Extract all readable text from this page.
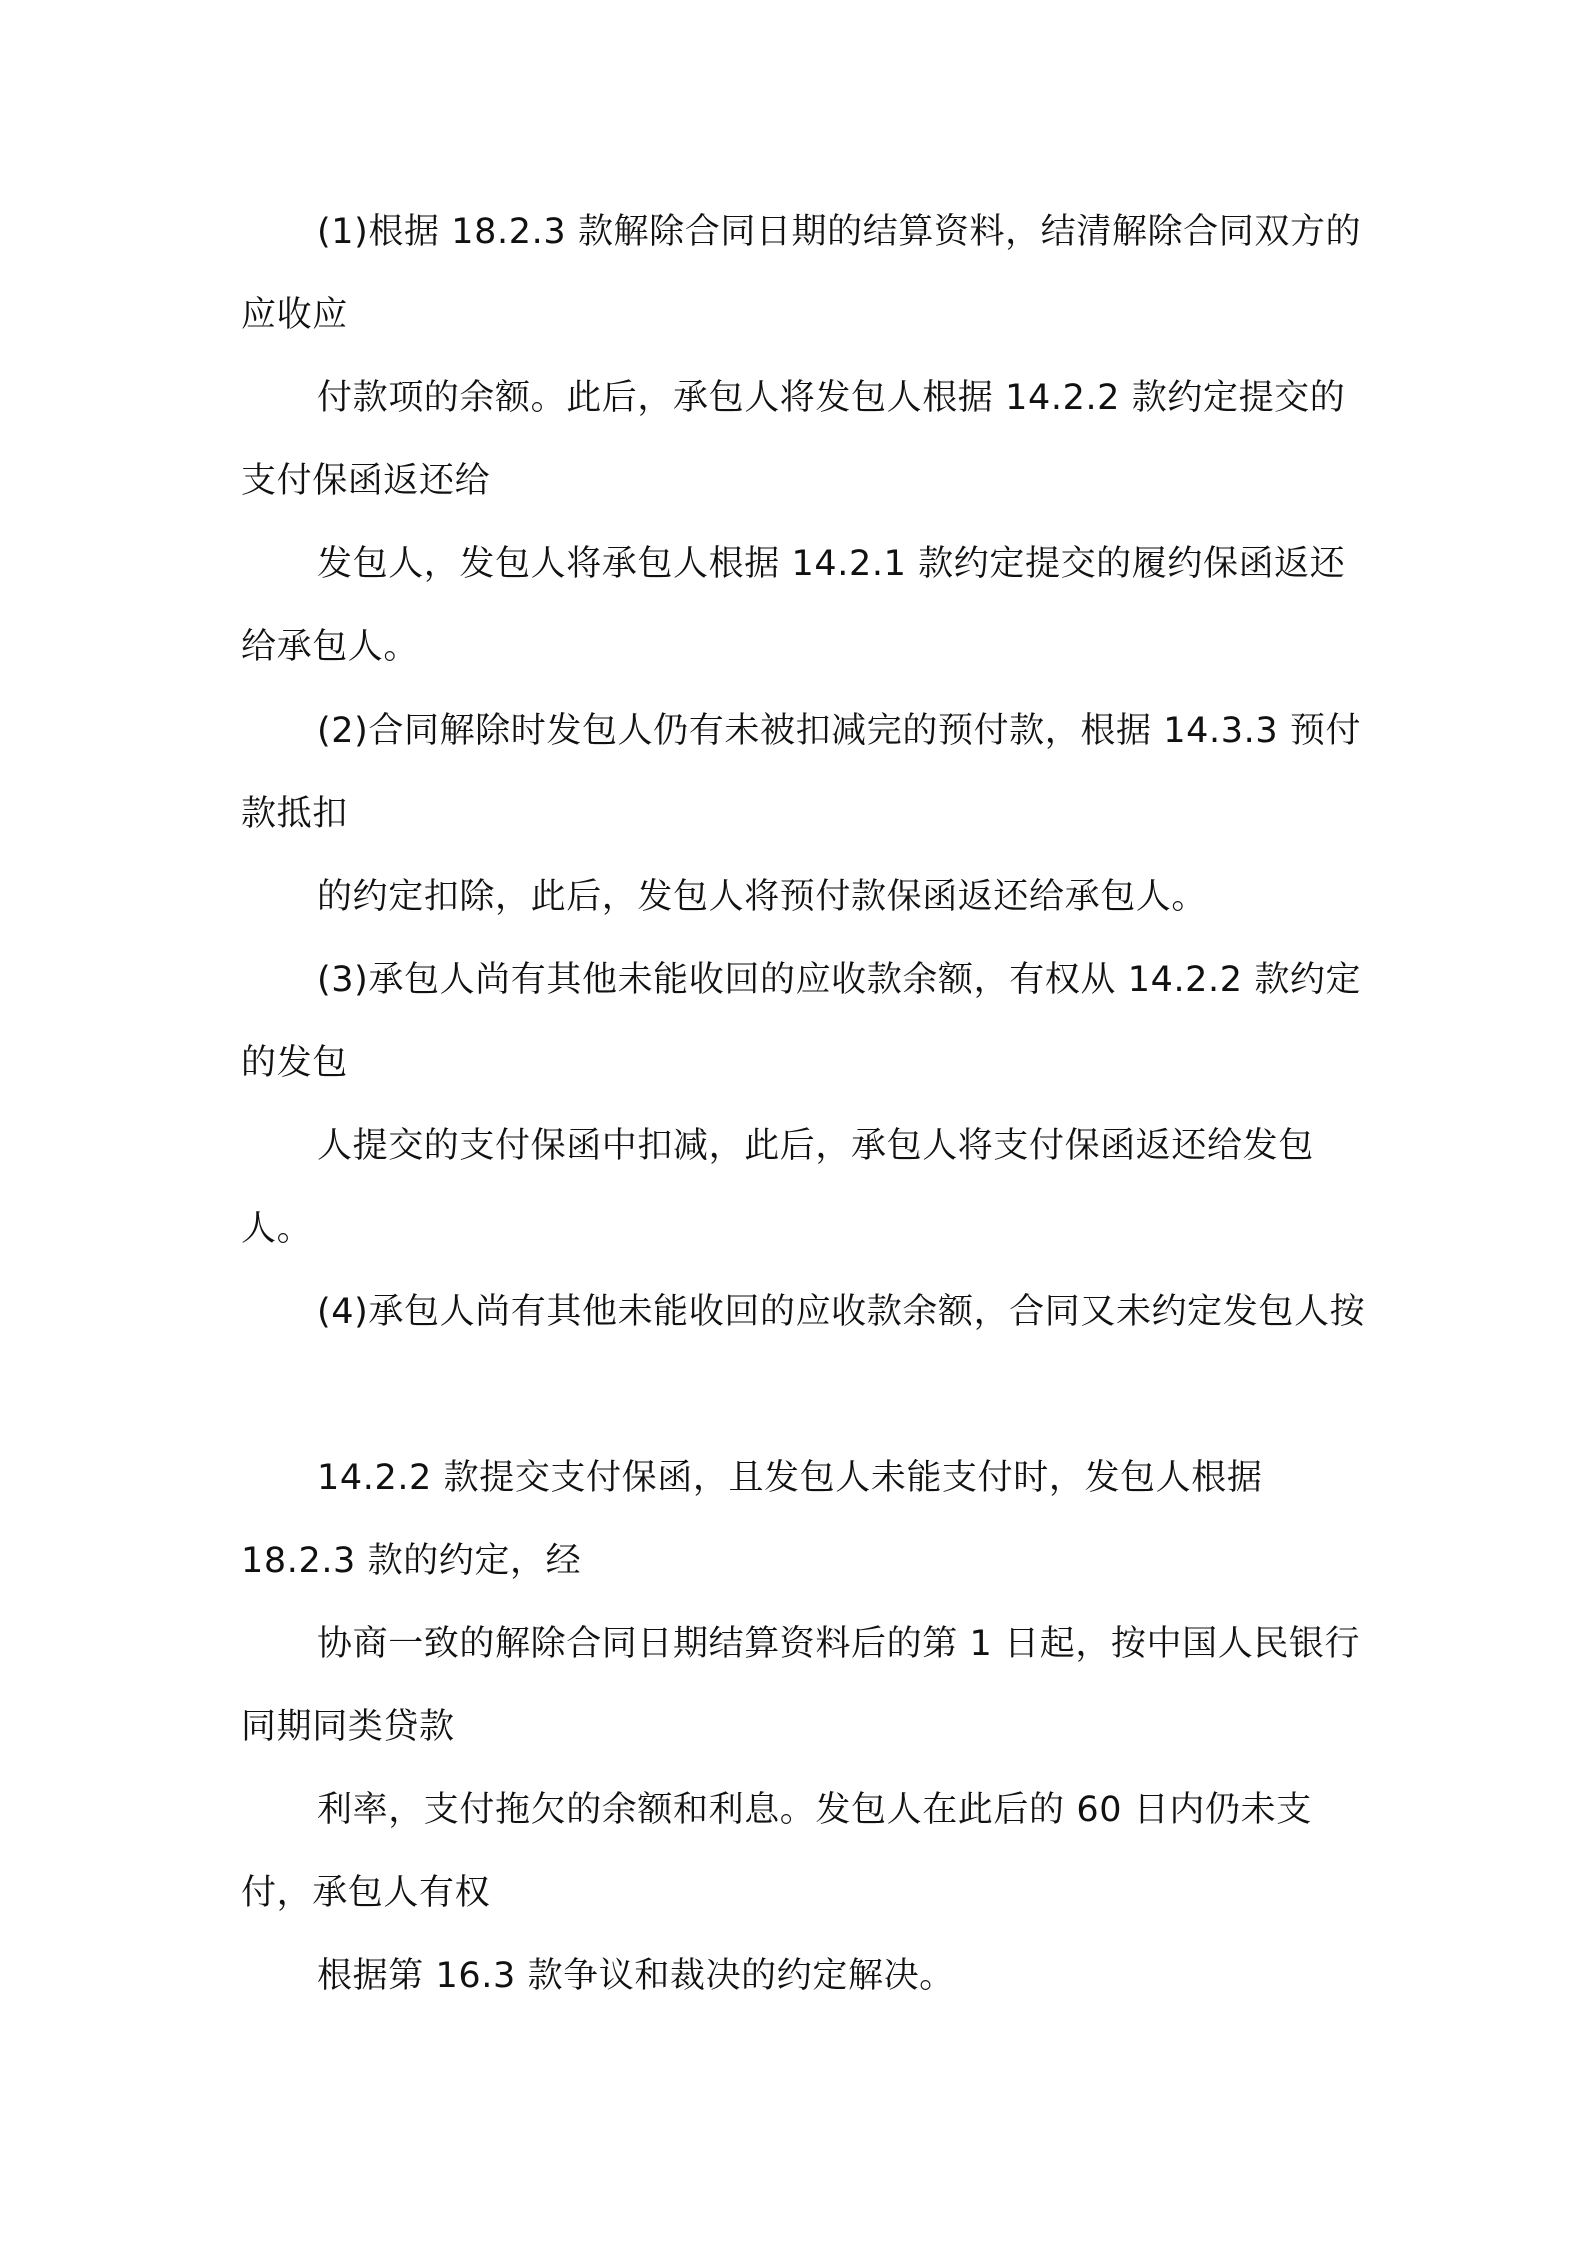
(1)根据 18.2.3 款解除合同日期的结算资料，结清解除合同双方的应收应

付款项的余额。此后，承包人将发包人根据 14.2.2 款约定提交的支付保函返还给

发包人，发包人将承包人根据 14.2.1 款约定提交的履约保函返还给承包人。

(2)合同解除时发包人仍有未被扣减完的预付款，根据 14.3.3 预付款抵扣

的约定扣除，此后，发包人将预付款保函返还给承包人。

(3)承包人尚有其他未能收回的应收款余额，有权从 14.2.2 款约定的发包

人提交的支付保函中扣减，此后，承包人将支付保函返还给发包人。

(4)承包人尚有其他未能收回的应收款余额，合同又未约定发包人按

14.2.2 款提交支付保函，且发包人未能支付时，发包人根据 18.2.3 款的约定，经

协商一致的解除合同日期结算资料后的第 1 日起，按中国人民银行同期同类贷款

利率，支付拖欠的余额和利息。发包人在此后的 60 日内仍未支付，承包人有权

根据第 16.3 款争议和裁决的约定解决。
